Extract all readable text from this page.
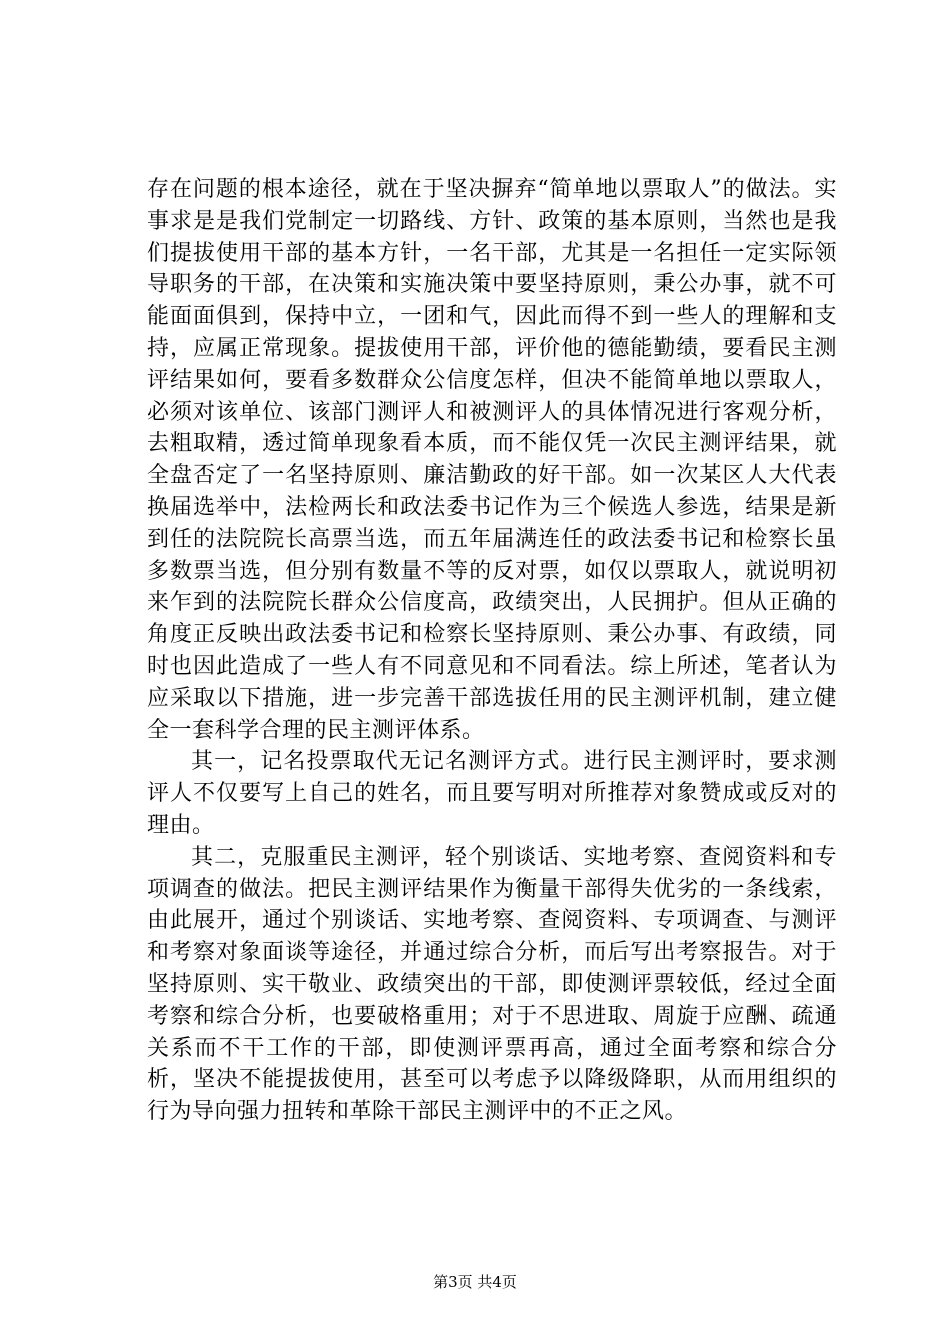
存在问题的根本途径，就在于坚决摒弃“简单地以票取人”的做法。实事求是是我们党制定一切路线、方针、政策的基本原则，当然也是我们提拔使用干部的基本方针，一名干部，尤其是一名担任一定实际领导职务的干部，在决策和实施决策中要坚持原则，秉公办事，就不可能面面俱到，保持中立，一团和气，因此而得不到一些人的理解和支持，应属正常现象。提拔使用干部，评价他的德能勤绩，要看民主测评结果如何，要看多数群众公信度怎样，但决不能简单地以票取人，必须对该单位、该部门测评人和被测评人的具体情况进行客观分析，去粗取精，透过简单现象看本质，而不能仅凭一次民主测评结果，就全盘否定了一名坚持原则、廉洁勤政的好干部。如一次某区人大代表换届选举中，法检两长和政法委书记作为三个候选人参选，结果是新到任的法院院长高票当选，而五年届满连任的政法委书记和检察长虽多数票当选，但分别有数量不等的反对票，如仅以票取人，就说明初来乍到的法院院长群众公信度高，政绩突出，人民拥护。但从正确的角度正反映出政法委书记和检察长坚持原则、秉公办事、有政绩，同时也因此造成了一些人有不同意见和不同看法。综上所述，笔者认为应采取以下措施，进一步完善干部选拔任用的民主测评机制，建立健全一套科学合理的民主测评体系。

其一，记名投票取代无记名测评方式。进行民主测评时，要求测评人不仅要写上自己的姓名，而且要写明对所推荐对象赞成或反对的理由。

其二，克服重民主测评，轻个别谈话、实地考察、查阅资料和专项调查的做法。把民主测评结果作为衡量干部得失优劣的一条线索，由此展开，通过个别谈话、实地考察、查阅资料、专项调查、与测评和考察对象面谈等途径，并通过综合分析，而后写出考察报告。对于坚持原则、实干敬业、政绩突出的干部，即使测评票较低，经过全面考察和综合分析，也要破格重用；对于不思进取、周旋于应酬、疏通关系而不干工作的干部，即使测评票再高，通过全面考察和综合分析，坚决不能提拔使用，甚至可以考虑予以降级降职，从而用组织的行为导向强力扭转和革除干部民主测评中的不正之风。

第3页 共4页
